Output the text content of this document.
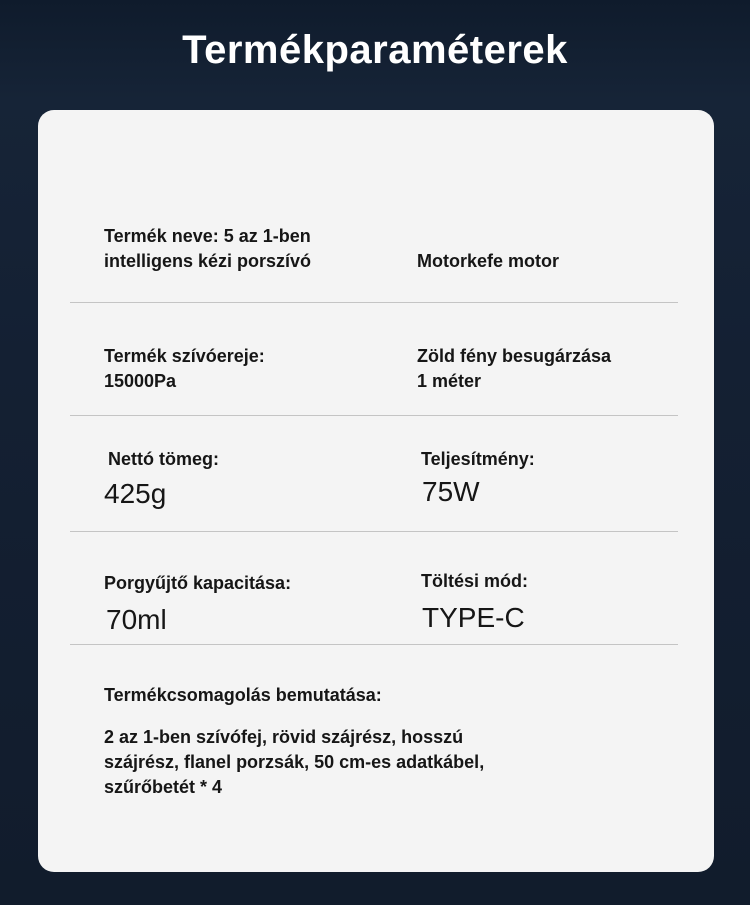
Termékparaméterek
Termék neve: 5 az 1-ben
intelligens kézi porszívó	Motorkefe motor
Termék szívóereje:
15000Pa
Zöld fény besugárzása
1 méter
Nettó tömeg:
425g
Teljesítmény:
75W
Porgyűjtő kapacitása:
70ml
Töltési mód:
TYPE-C
Termékcsomagolás bemutatása:
2 az 1-ben szívófej, rövid szájrész, hosszú
szájrész, flanel porzsák, 50 cm-es adatkábel,
szűrőbetét * 4
